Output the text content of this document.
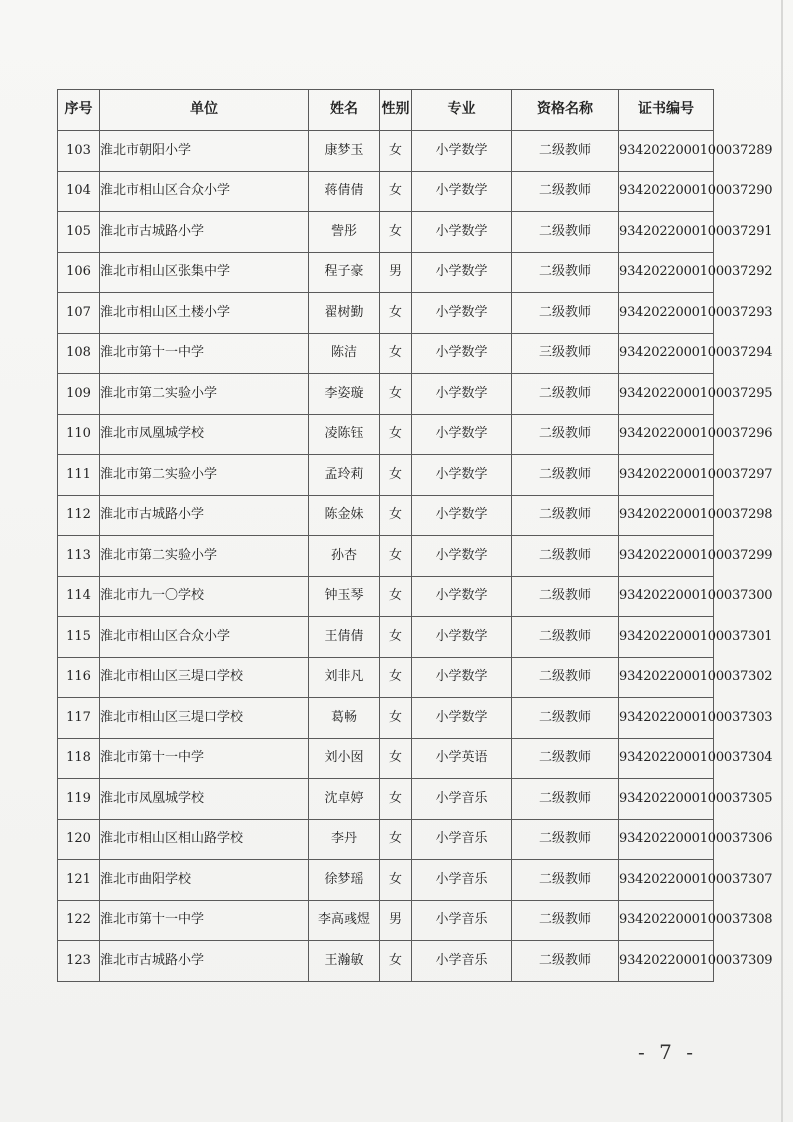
序号	单位	姓名	性别	专业	资格名称	证书编号
103	淮北市朝阳小学	康梦玉	女	小学数学	二级教师	9342022000100037289
104	淮北市相山区合众小学	蒋倩倩	女	小学数学	二级教师	9342022000100037290
105	淮北市古城路小学	訾彤	女	小学数学	二级教师	9342022000100037291
106	淮北市相山区张集中学	程子豪	男	小学数学	二级教师	9342022000100037292
107	淮北市相山区土楼小学	翟树勤	女	小学数学	二级教师	9342022000100037293
108	淮北市第十一中学	陈洁	女	小学数学	三级教师	9342022000100037294
109	淮北市第二实验小学	李姿璇	女	小学数学	二级教师	9342022000100037295
110	淮北市凤凰城学校	凌陈钰	女	小学数学	二级教师	9342022000100037296
111	淮北市第二实验小学	孟玲莉	女	小学数学	二级教师	9342022000100037297
112	淮北市古城路小学	陈金妹	女	小学数学	二级教师	9342022000100037298
113	淮北市第二实验小学	孙杏	女	小学数学	二级教师	9342022000100037299
114	淮北市九一〇学校	钟玉琴	女	小学数学	二级教师	9342022000100037300
115	淮北市相山区合众小学	王倩倩	女	小学数学	二级教师	9342022000100037301
116	淮北市相山区三堤口学校	刘非凡	女	小学数学	二级教师	9342022000100037302
117	淮北市相山区三堤口学校	葛畅	女	小学数学	二级教师	9342022000100037303
118	淮北市第十一中学	刘小囡	女	小学英语	二级教师	9342022000100037304
119	淮北市凤凰城学校	沈卓婷	女	小学音乐	二级教师	9342022000100037305
120	淮北市相山区相山路学校	李丹	女	小学音乐	二级教师	9342022000100037306
121	淮北市曲阳学校	徐梦瑶	女	小学音乐	二级教师	9342022000100037307
122	淮北市第十一中学	李高彧煜	男	小学音乐	二级教师	9342022000100037308
123	淮北市古城路小学	王瀚敏	女	小学音乐	二级教师	9342022000100037309
- 7 -
